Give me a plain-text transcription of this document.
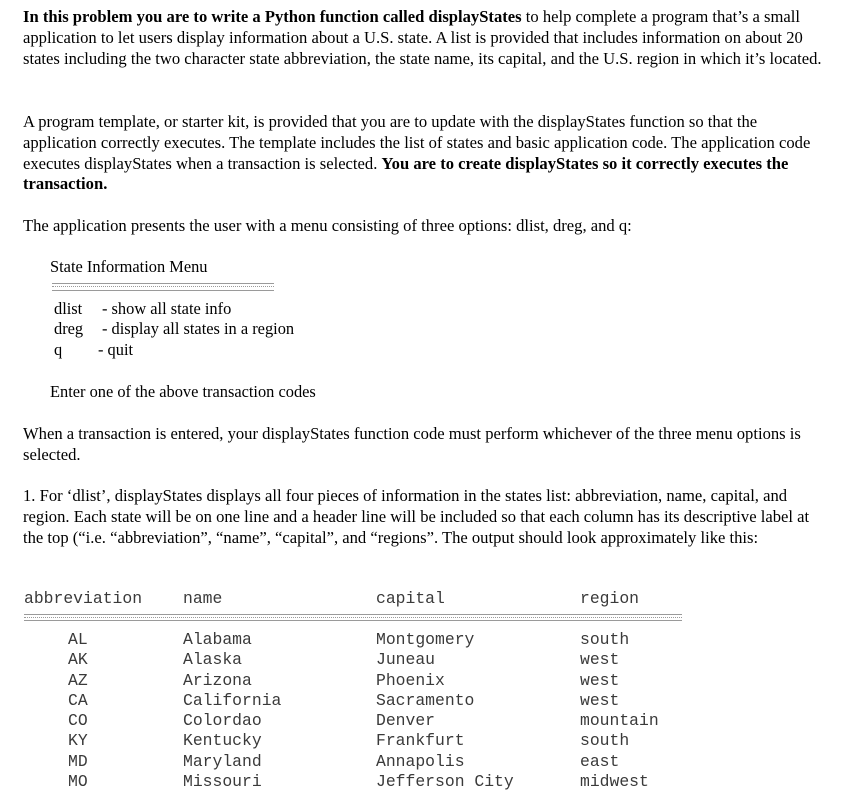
In this problem you are to write a Python function called displayStates to help complete a program that’s a small application to let users display information about a U.S. state. A list is provided that includes information on about 20 states including the two character state abbreviation, the state name, its capital, and the U.S. region in which it’s located.

A program template, or starter kit, is provided that you are to update with the displayStates function so that the application correctly executes. The template includes the list of states and basic application code. The application code executes displayStates when a transaction is selected. You are to create displayStates so it correctly executes the transaction.

The application presents the user with a menu consisting of three options: dlist, dreg, and q:

State Information Menu
dlist - show all state info
dreg - display all states in a region
q - quit
Enter one of the above transaction codes

When a transaction is entered, your displayStates function code must perform whichever of the three menu options is selected.

1. For ‘dlist’, displayStates displays all four pieces of information in the states list: abbreviation, name, capital, and region. Each state will be on one line and a header line will be included so that each column has its descriptive label at the top (“i.e. “abbreviation”, “name”, “capital”, and “regions”. The output should look approximately like this:

abbreviation name	capital	region
AL	Alabama	Montgomery	south
AK	Alaska	Juneau	west
AZ	Arizona	Phoenix	west
CA	California	Sacramento	west
CO	Colordao	Denver	mountain
KY	Kentucky	Frankfurt	south
MD	Maryland	Annapolis	east
MO	Missouri	Jefferson City	midwest
